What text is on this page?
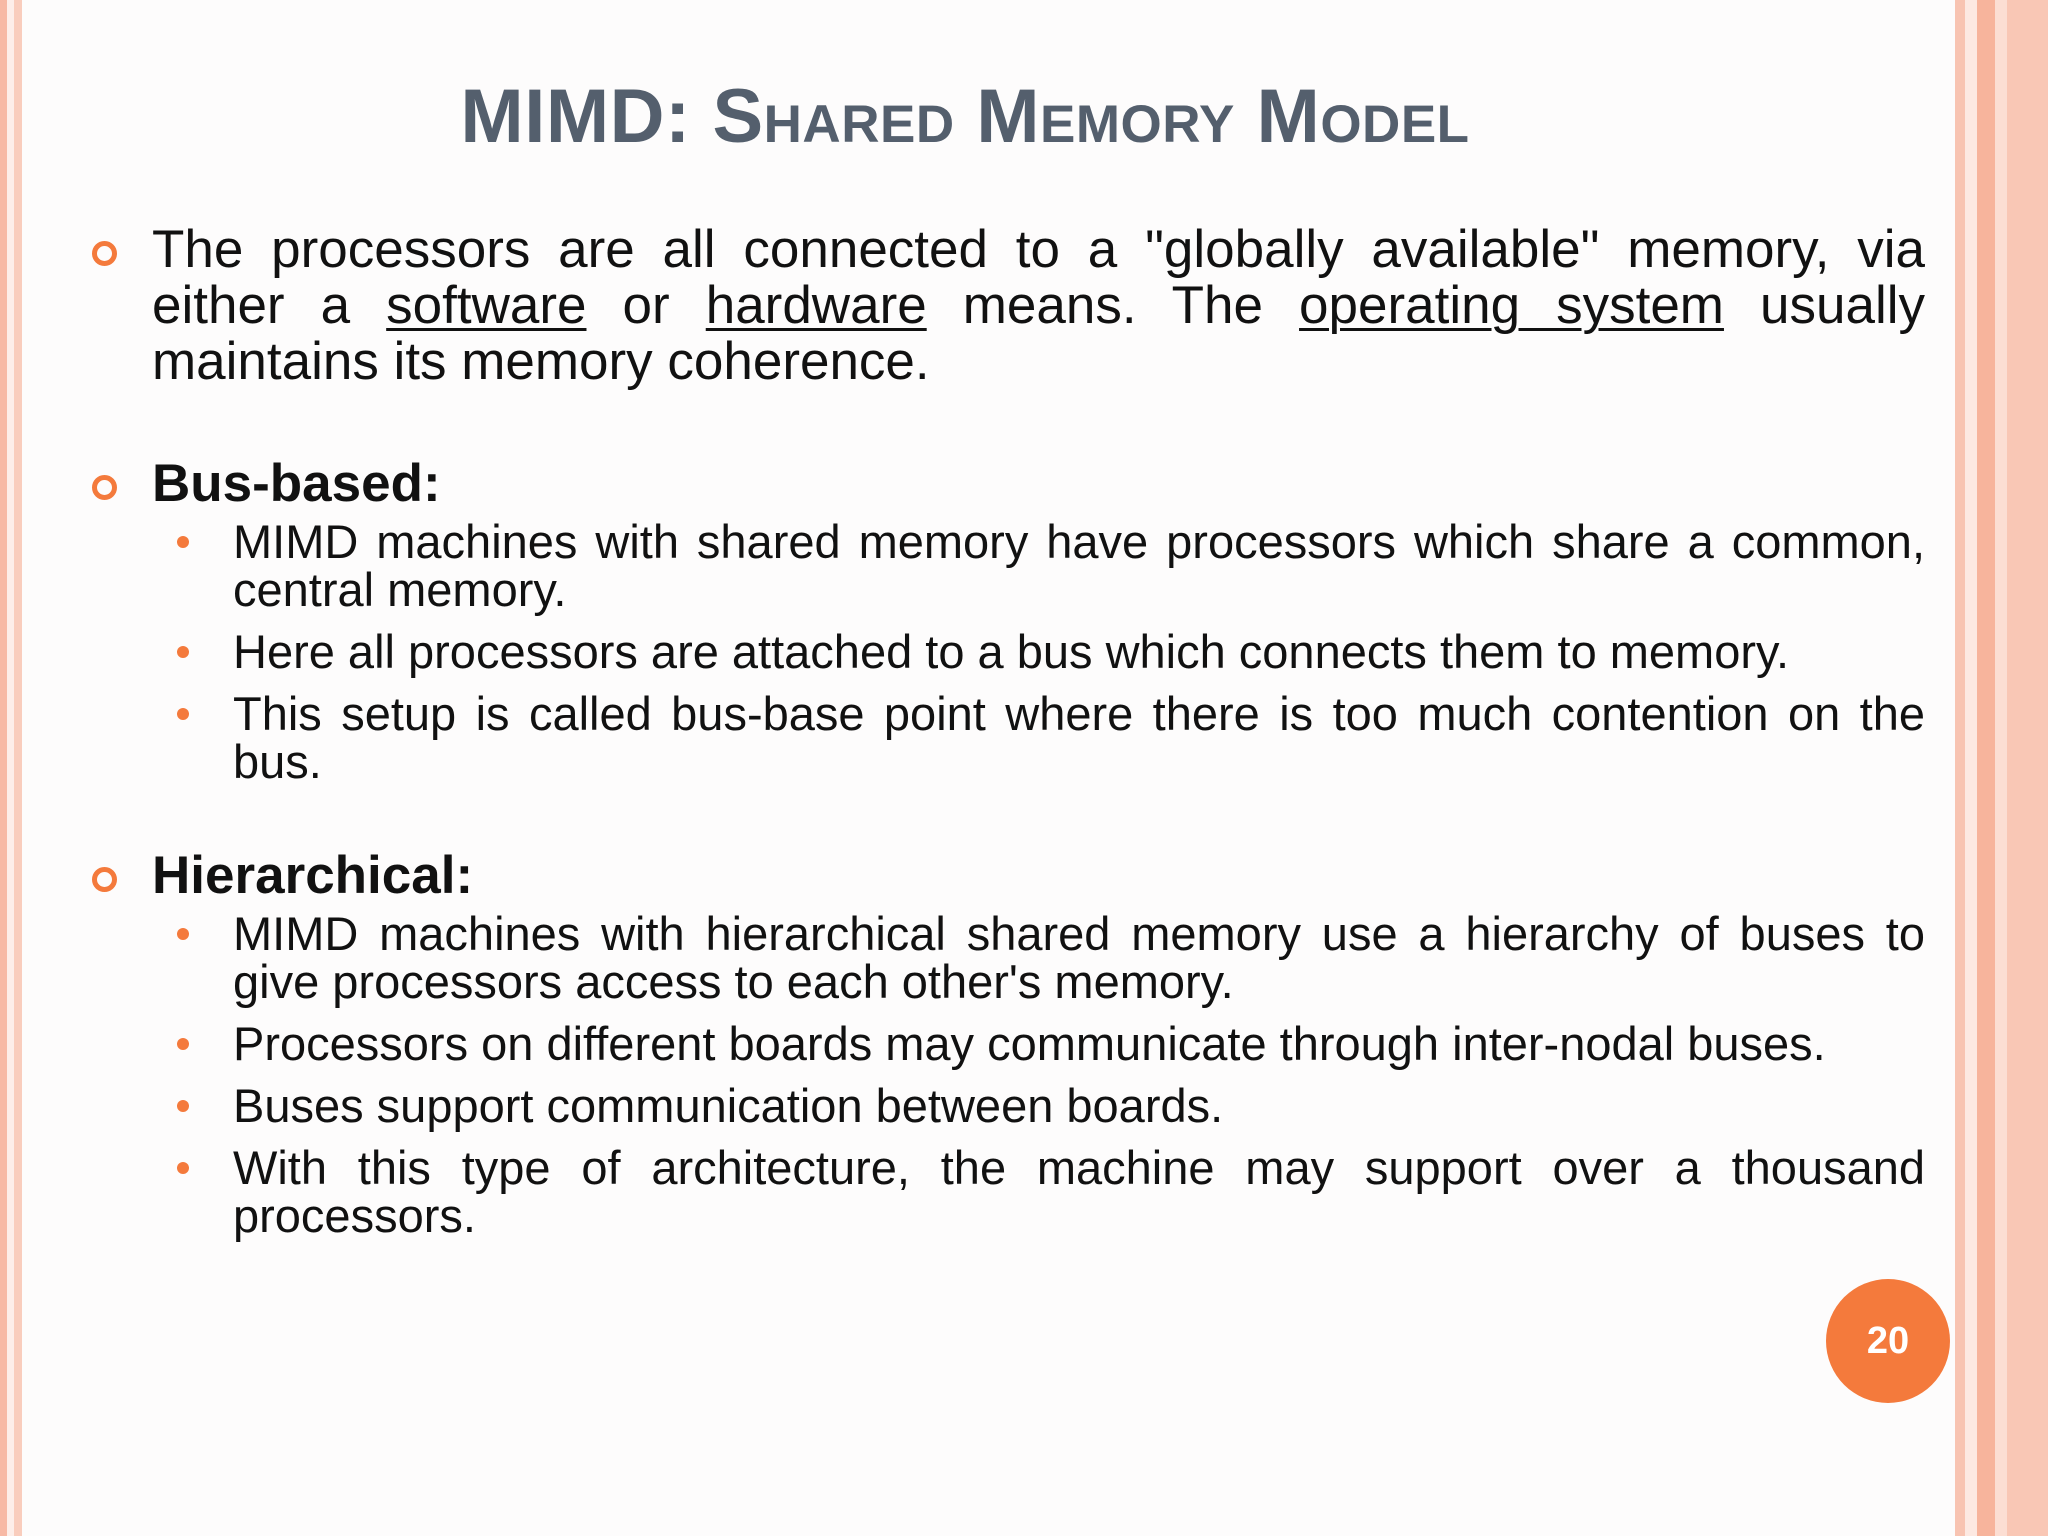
MIMD: Shared Memory Model
The processors are all connected to a "globally available" memory, via either a software or hardware means. The operating system usually maintains its memory coherence.
Bus-based:
MIMD machines with shared memory have processors which share a common, central memory.
Here all processors are attached to a bus which connects them to memory.
This setup is called bus-base point where there is too much contention on the bus.
Hierarchical:
MIMD machines with hierarchical shared memory use a hierarchy of buses to give processors access to each other's memory.
Processors on different boards may communicate through inter-nodal buses.
Buses support communication between boards.
With this type of architecture, the machine may support over a thousand processors.
20
